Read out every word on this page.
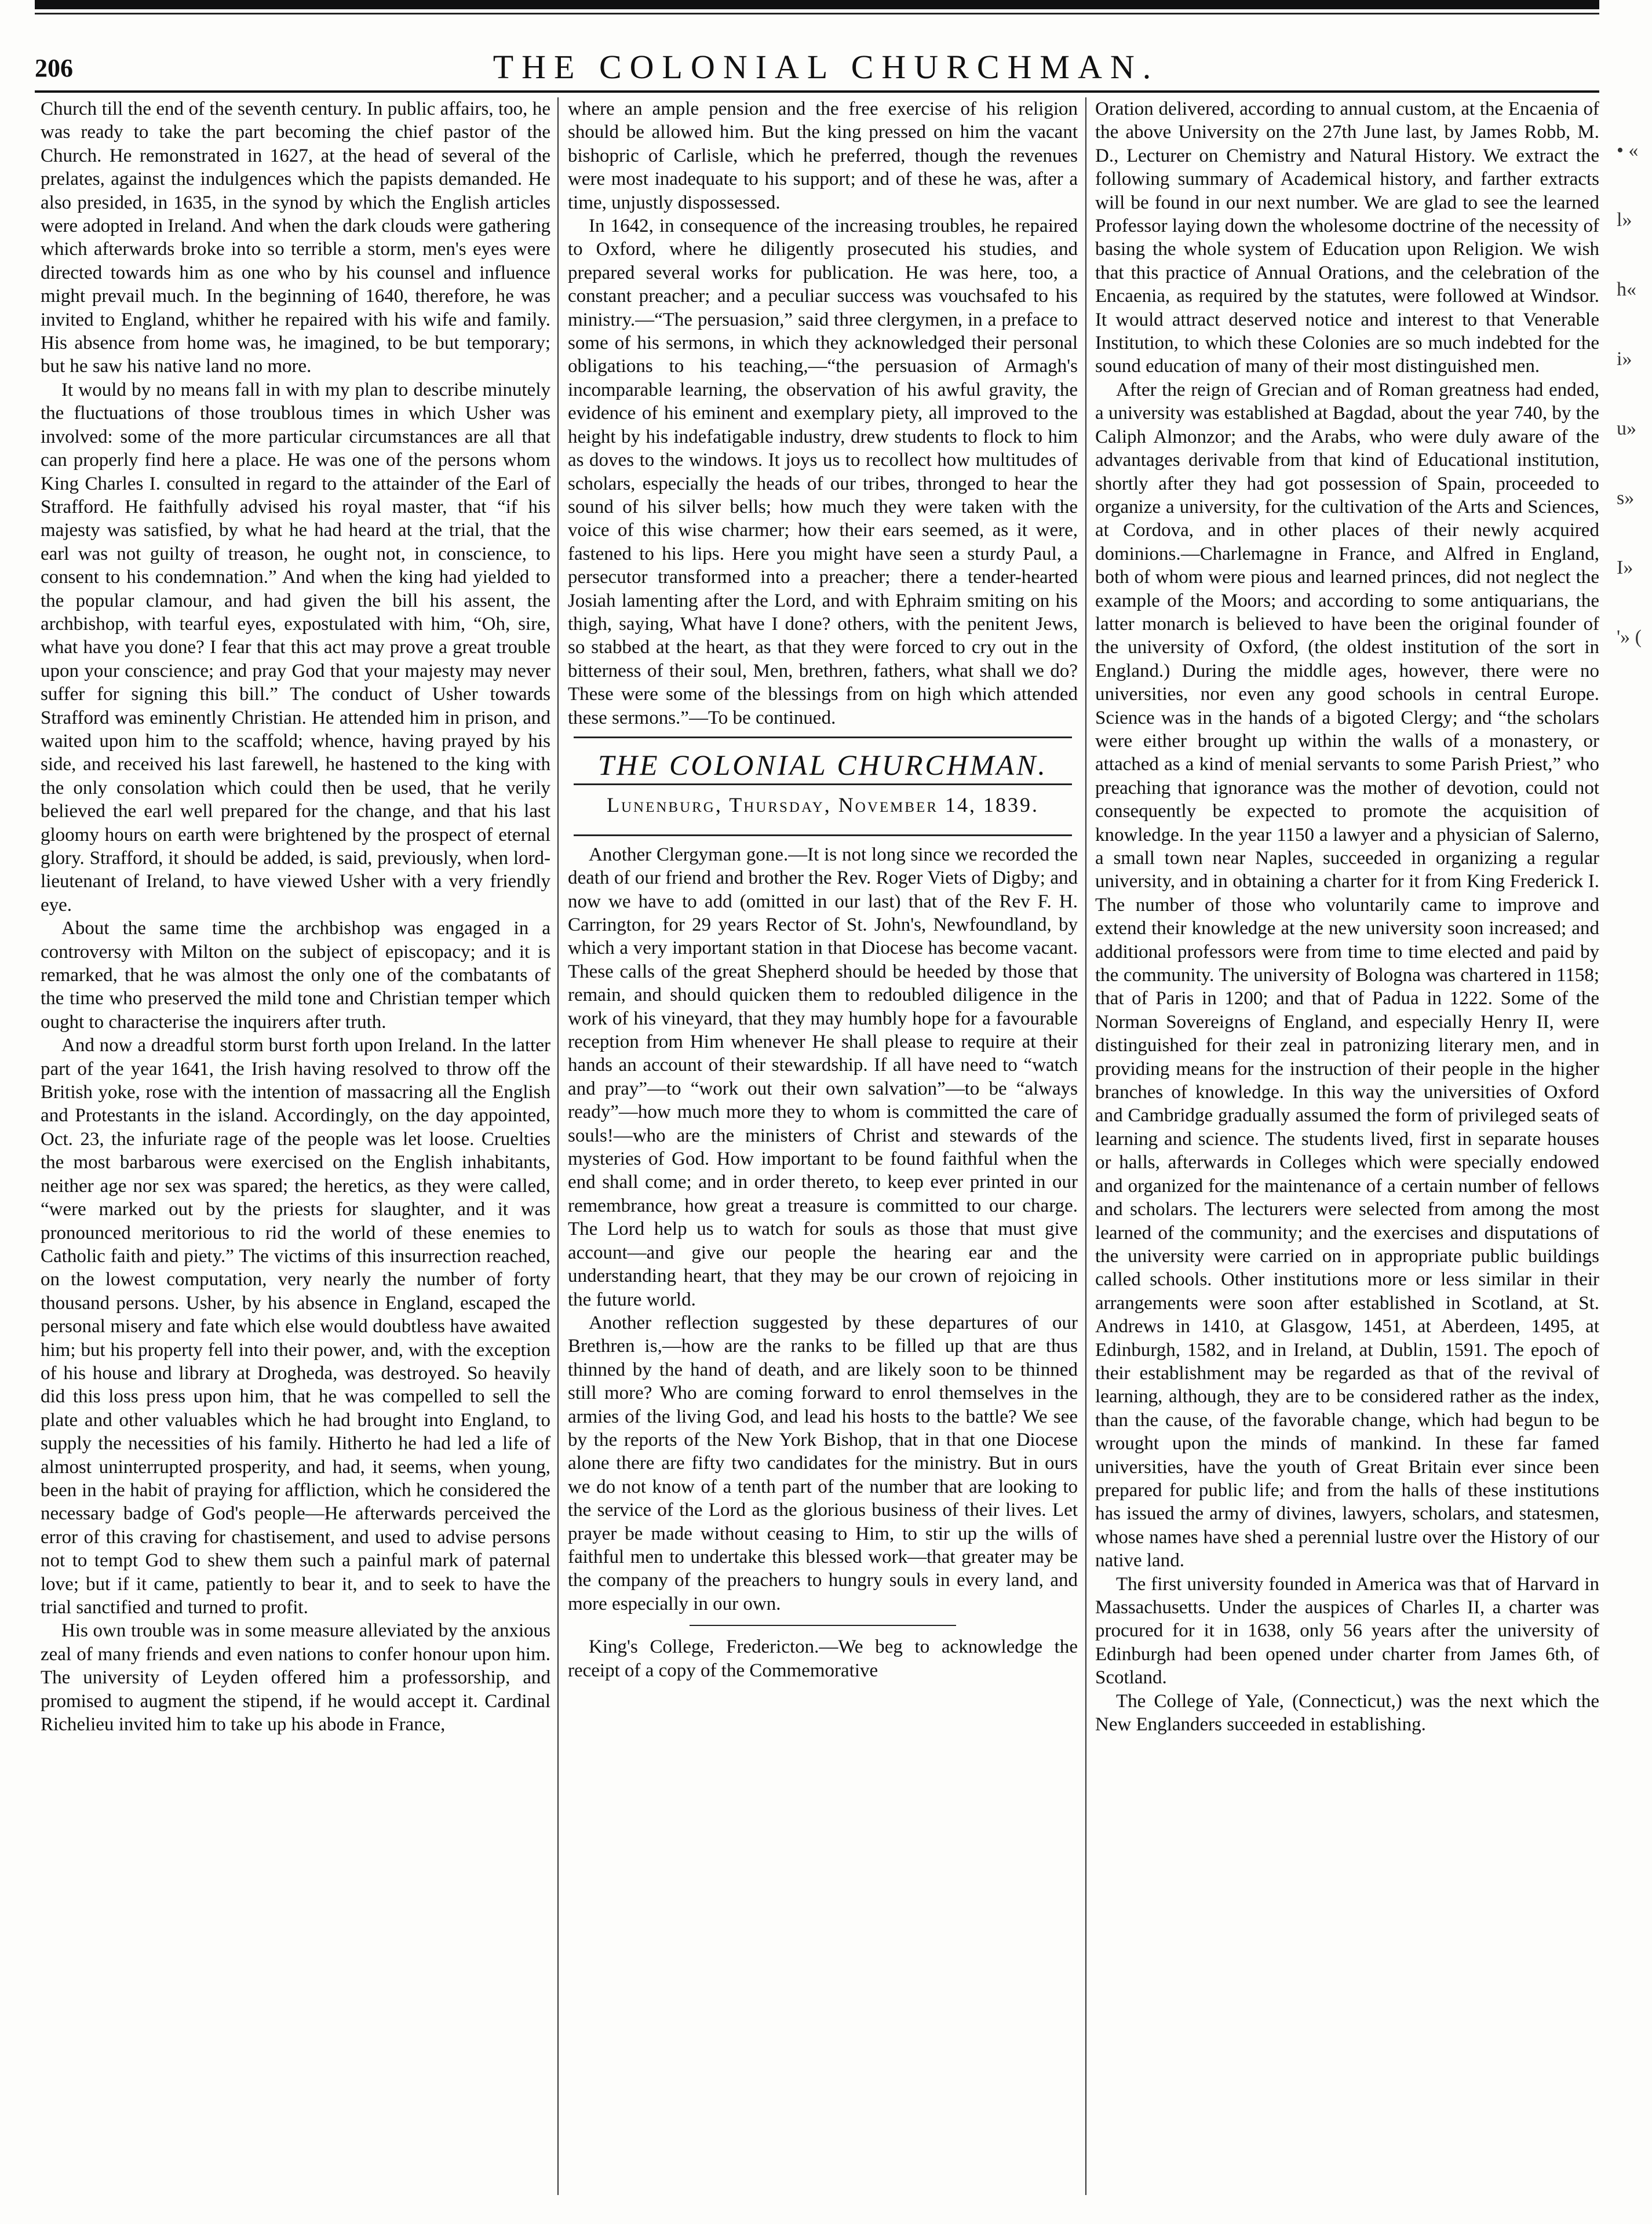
206	THE COLONIAL CHURCHMAN.

Church till the end of the seventh century. In public affairs, too, he was ready to take the part becoming the chief pastor of the Church. He remonstrated in 1627, at the head of several of the prelates, against the indulgences which the papists demanded. He also presided, in 1635, in the synod by which the English articles were adopted in Ireland. And when the dark clouds were gathering which afterwards broke into so terrible a storm, men's eyes were directed towards him as one who by his counsel and influence might prevail much. In the beginning of 1640, therefore, he was invited to England, whither he repaired with his wife and family. His absence from home was, he imagined, to be but temporary; but he saw his native land no more.

It would by no means fall in with my plan to describe minutely the fluctuations of those troublous times in which Usher was involved: some of the more particular circumstances are all that can properly find here a place. He was one of the persons whom King Charles I. consulted in regard to the attainder of the Earl of Strafford. He faithfully advised his royal master, that “if his majesty was satisfied, by what he had heard at the trial, that the earl was not guilty of treason, he ought not, in conscience, to consent to his condemnation.” And when the king had yielded to the popular clamour, and had given the bill his assent, the archbishop, with tearful eyes, expostulated with him, “Oh, sire, what have you done? I fear that this act may prove a great trouble upon your conscience; and pray God that your majesty may never suffer for signing this bill.” The conduct of Usher towards Strafford was eminently Christian. He attended him in prison, and waited upon him to the scaffold; whence, having prayed by his side, and received his last farewell, he hastened to the king with the only consolation which could then be used, that he verily believed the earl well prepared for the change, and that his last gloomy hours on earth were brightened by the prospect of eternal glory. Strafford, it should be added, is said, previously, when lord-lieutenant of Ireland, to have viewed Usher with a very friendly eye.

About the same time the archbishop was engaged in a controversy with Milton on the subject of episcopacy; and it is remarked, that he was almost the only one of the combatants of the time who preserved the mild tone and Christian temper which ought to characterise the inquirers after truth.

And now a dreadful storm burst forth upon Ireland. In the latter part of the year 1641, the Irish having resolved to throw off the British yoke, rose with the intention of massacring all the English and Protestants in the island. Accordingly, on the day appointed, Oct. 23, the infuriate rage of the people was let loose. Cruelties the most barbarous were exercised on the English inhabitants, neither age nor sex was spared; the heretics, as they were called, “were marked out by the priests for slaughter, and it was pronounced meritorious to rid the world of these enemies to Catholic faith and piety.” The victims of this insurrection reached, on the lowest computation, very nearly the number of forty thousand persons. Usher, by his absence in England, escaped the personal misery and fate which else would doubtless have awaited him; but his property fell into their power, and, with the exception of his house and library at Drogheda, was destroyed. So heavily did this loss press upon him, that he was compelled to sell the plate and other valuables which he had brought into England, to supply the necessities of his family. Hitherto he had led a life of almost uninterrupted prosperity, and had, it seems, when young, been in the habit of praying for affliction, which he considered the necessary badge of God's people—He afterwards perceived the error of this craving for chastisement, and used to advise persons not to tempt God to shew them such a painful mark of paternal love; but if it came, patiently to bear it, and to seek to have the trial sanctified and turned to profit.

His own trouble was in some measure alleviated by the anxious zeal of many friends and even nations to confer honour upon him. The university of Leyden offered him a professorship, and promised to augment the stipend, if he would accept it. Cardinal Richelieu invited him to take up his abode in France,

where an ample pension and the free exercise of his religion should be allowed him. But the king pressed on him the vacant bishopric of Carlisle, which he preferred, though the revenues were most inadequate to his support; and of these he was, after a time, unjustly dispossessed.

In 1642, in consequence of the increasing troubles, he repaired to Oxford, where he diligently prosecuted his studies, and prepared several works for publication. He was here, too, a constant preacher; and a peculiar success was vouchsafed to his ministry.—“The persuasion,” said three clergymen, in a preface to some of his sermons, in which they acknowledged their personal obligations to his teaching,—“the persuasion of Armagh's incomparable learning, the observation of his awful gravity, the evidence of his eminent and exemplary piety, all improved to the height by his indefatigable industry, drew students to flock to him as doves to the windows. It joys us to recollect how multitudes of scholars, especially the heads of our tribes, thronged to hear the sound of his silver bells; how much they were taken with the voice of this wise charmer; how their ears seemed, as it were, fastened to his lips. Here you might have seen a sturdy Paul, a persecutor transformed into a preacher; there a tender-hearted Josiah lamenting after the Lord, and with Ephraim smiting on his thigh, saying, What have I done? others, with the penitent Jews, so stabbed at the heart, as that they were forced to cry out in the bitterness of their soul, Men, brethren, fathers, what shall we do? These were some of the blessings from on high which attended these sermons.”—To be continued.

THE COLONIAL CHURCHMAN.
Lunenburg, Thursday, November 14, 1839.

Another Clergyman gone.—It is not long since we recorded the death of our friend and brother the Rev. Roger Viets of Digby; and now we have to add (omitted in our last) that of the Rev F. H. Carrington, for 29 years Rector of St. John's, Newfoundland, by which a very important station in that Diocese has become vacant. These calls of the great Shepherd should be heeded by those that remain, and should quicken them to redoubled diligence in the work of his vineyard, that they may humbly hope for a favourable reception from Him whenever He shall please to require at their hands an account of their stewardship. If all have need to “watch and pray”—to “work out their own salvation”—to be “always ready”—how much more they to whom is committed the care of souls!—who are the ministers of Christ and stewards of the mysteries of God. How important to be found faithful when the end shall come; and in order thereto, to keep ever printed in our remembrance, how great a treasure is committed to our charge. The Lord help us to watch for souls as those that must give account—and give our people the hearing ear and the understanding heart, that they may be our crown of rejoicing in the future world.

Another reflection suggested by these departures of our Brethren is,—how are the ranks to be filled up that are thus thinned by the hand of death, and are likely soon to be thinned still more? Who are coming forward to enrol themselves in the armies of the living God, and lead his hosts to the battle? We see by the reports of the New York Bishop, that in that one Diocese alone there are fifty two candidates for the ministry. But in ours we do not know of a tenth part of the number that are looking to the service of the Lord as the glorious business of their lives. Let prayer be made without ceasing to Him, to stir up the wills of faithful men to undertake this blessed work—that greater may be the company of the preachers to hungry souls in every land, and more especially in our own.

King's College, Fredericton.—We beg to acknowledge the receipt of a copy of the Commemorative

Oration delivered, according to annual custom, at the Encaenia of the above University on the 27th June last, by James Robb, M. D., Lecturer on Chemistry and Natural History. We extract the following summary of Academical history, and farther extracts will be found in our next number. We are glad to see the learned Professor laying down the wholesome doctrine of the necessity of basing the whole system of Education upon Religion. We wish that this practice of Annual Orations, and the celebration of the Encaenia, as required by the statutes, were followed at Windsor. It would attract deserved notice and interest to that Venerable Institution, to which these Colonies are so much indebted for the sound education of many of their most distinguished men.

After the reign of Grecian and of Roman greatness had ended, a university was established at Bagdad, about the year 740, by the Caliph Almonzor; and the Arabs, who were duly aware of the advantages derivable from that kind of Educational institution, shortly after they had got possession of Spain, proceeded to organize a university, for the cultivation of the Arts and Sciences, at Cordova, and in other places of their newly acquired dominions.—Charlemagne in France, and Alfred in England, both of whom were pious and learned princes, did not neglect the example of the Moors; and according to some antiquarians, the latter monarch is believed to have been the original founder of the university of Oxford, (the oldest institution of the sort in England.) During the middle ages, however, there were no universities, nor even any good schools in central Europe. Science was in the hands of a bigoted Clergy; and “the scholars were either brought up within the walls of a monastery, or attached as a kind of menial servants to some Parish Priest,” who preaching that ignorance was the mother of devotion, could not consequently be expected to promote the acquisition of knowledge. In the year 1150 a lawyer and a physician of Salerno, a small town near Naples, succeeded in organizing a regular university, and in obtaining a charter for it from King Frederick I. The number of those who voluntarily came to improve and extend their knowledge at the new university soon increased; and additional professors were from time to time elected and paid by the community. The university of Bologna was chartered in 1158; that of Paris in 1200; and that of Padua in 1222. Some of the Norman Sovereigns of England, and especially Henry II, were distinguished for their zeal in patronizing literary men, and in providing means for the instruction of their people in the higher branches of knowledge. In this way the universities of Oxford and Cambridge gradually assumed the form of privileged seats of learning and science. The students lived, first in separate houses or halls, afterwards in Colleges which were specially endowed and organized for the maintenance of a certain number of fellows and scholars. The lecturers were selected from among the most learned of the community; and the exercises and disputations of the university were carried on in appropriate public buildings called schools. Other institutions more or less similar in their arrangements were soon after established in Scotland, at St. Andrews in 1410, at Glasgow, 1451, at Aberdeen, 1495, at Edinburgh, 1582, and in Ireland, at Dublin, 1591. The epoch of their establishment may be regarded as that of the revival of learning, although, they are to be considered rather as the index, than the cause, of the favorable change, which had begun to be wrought upon the minds of mankind. In these far famed universities, have the youth of Great Britain ever since been prepared for public life; and from the halls of these institutions has issued the army of divines, lawyers, scholars, and statesmen, whose names have shed a perennial lustre over the History of our native land.

The first university founded in America was that of Harvard in Massachusetts. Under the auspices of Charles II, a charter was procured for it in 1638, only 56 years after the university of Edinburgh had been opened under charter from James 6th, of Scotland.

The College of Yale, (Connecticut,) was the next which the New Englanders succeeded in establishing.

• « l» h« i» u» s» I» '» (
